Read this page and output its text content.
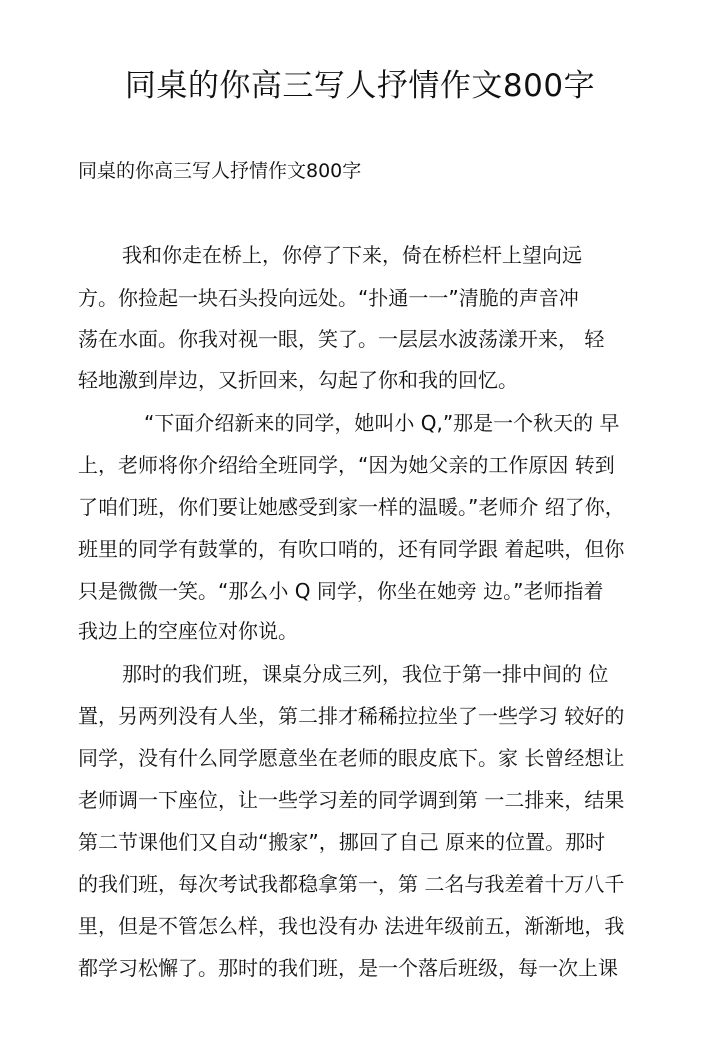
同桌的你高三写人抒情作文800字
同桌的你高三写人抒情作文800字
我和你走在桥上，你停了下来，倚在桥栏杆上望向远
方。你捡起一块石头投向远处。“扑通一一”清脆的声音冲
荡在水面。你我对视一眼，笑了。一层层水波荡漾开来， 轻
轻地激到岸边，又折回来，勾起了你和我的回忆。
“下面介绍新来的同学，她叫小 Q,”那是一个秋天的 早
上，老师将你介绍给全班同学，“因为她父亲的工作原因 转到
了咱们班，你们要让她感受到家一样的温暖。”老师介 绍了你，
班里的同学有鼓掌的，有吹口哨的，还有同学跟 着起哄，但你
只是微微一笑。“那么小 Q 同学，你坐在她旁 边。”老师指着
我边上的空座位对你说。
那时的我们班，课桌分成三列，我位于第一排中间的 位
置，另两列没有人坐，第二排才稀稀拉拉坐了一些学习 较好的
同学，没有什么同学愿意坐在老师的眼皮底下。家 长曾经想让
老师调一下座位，让一些学习差的同学调到第 一二排来，结果
第二节课他们又自动“搬家”，挪回了自己 原来的位置。那时
的我们班，每次考试我都稳拿第一，第 二名与我差着十万八千
里，但是不管怎么样，我也没有办 法进年级前五，渐渐地，我
都学习松懈了。那时的我们班，是一个落后班级，每一次上课
